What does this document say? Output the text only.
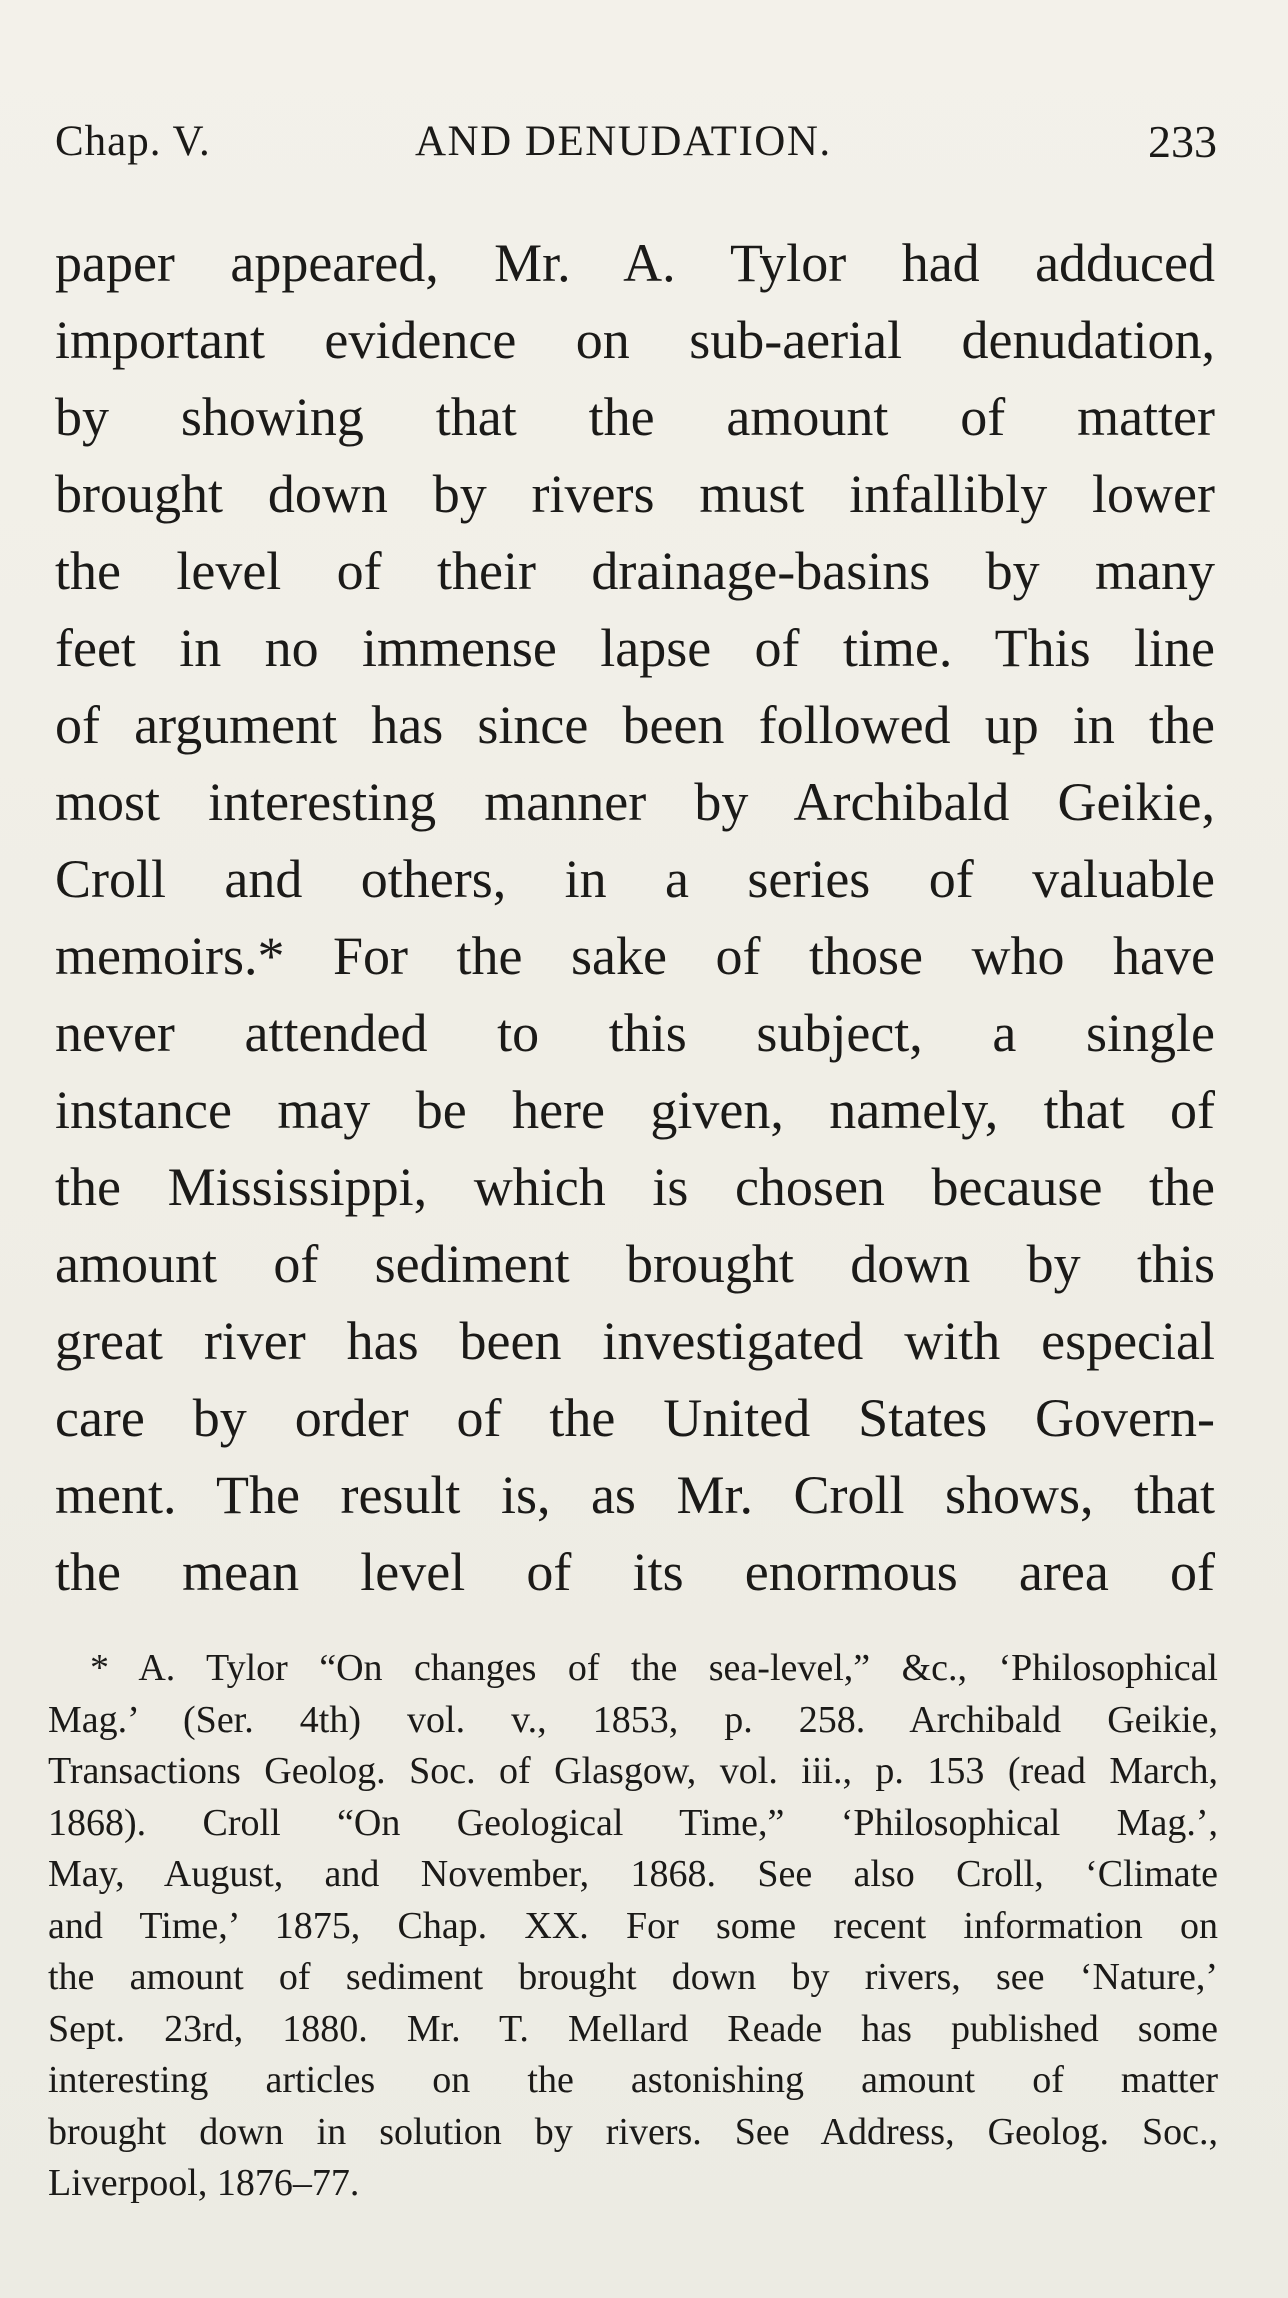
Chap. V.	AND DENUDATION.	233
paper appeared, Mr. A. Tylor had adduced
important evidence on sub-aerial denudation,
by showing that the amount of matter
brought down by rivers must infallibly lower
the level of their drainage-basins by many
feet in no immense lapse of time. This line
of argument has since been followed up in the
most interesting manner by Archibald Geikie,
Croll and others, in a series of valuable
memoirs.* For the sake of those who have
never attended to this subject, a single
instance may be here given, namely, that of
the Mississippi, which is chosen because the
amount of sediment brought down by this
great river has been investigated with especial
care by order of the United States Govern-
ment. The result is, as Mr. Croll shows, that
the mean level of its enormous area of
* A. Tylor “On changes of the sea-level,” &c., ‘Philosophical
Mag.’ (Ser. 4th) vol. v., 1853, p. 258. Archibald Geikie,
Transactions Geolog. Soc. of Glasgow, vol. iii., p. 153 (read March,
1868). Croll “On Geological Time,” ‘Philosophical Mag.’,
May, August, and November, 1868. See also Croll, ‘Climate
and Time,’ 1875, Chap. XX. For some recent information on
the amount of sediment brought down by rivers, see ‘Nature,’
Sept. 23rd, 1880. Mr. T. Mellard Reade has published some
interesting articles on the astonishing amount of matter
brought down in solution by rivers. See Address, Geolog. Soc.,
Liverpool, 1876–77.
